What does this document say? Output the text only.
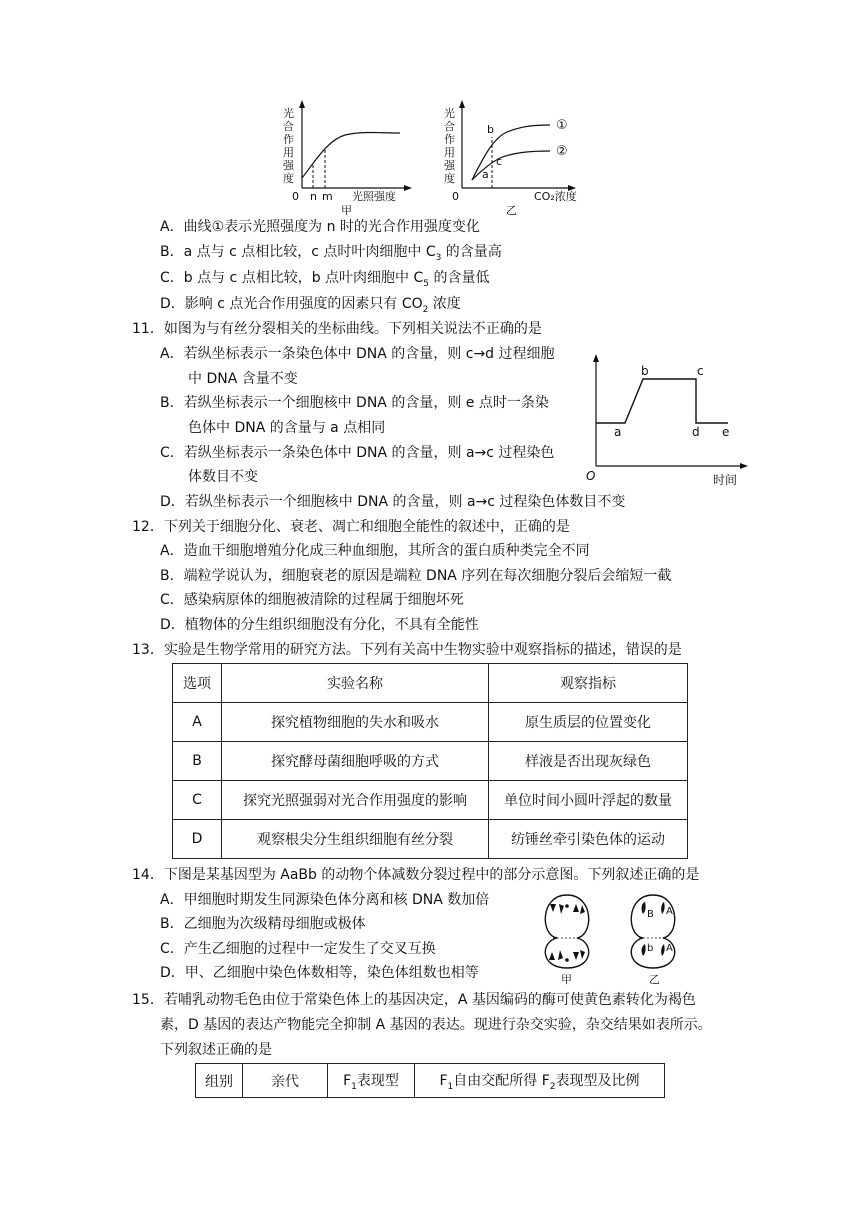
光
合
作
用
强
度
0 n m 光照强度
甲
光
合
作
用
强
度
0
b
c
a
①
②
CO₂浓度
乙
A．曲线①表示光照强度为 n 时的光合作用强度变化
B．a 点与 c 点相比较，c 点时叶肉细胞中 $C_3$ 的含量高
C．b 点与 c 点相比较，b 点叶肉细胞中 $C_5$ 的含量低
D．影响 c 点光合作用强度的因素只有 $CO_2$ 浓度
11．如图为与有丝分裂相关的坐标曲线。下列相关说法不正确的是
A．若纵坐标表示一条染色体中 DNA 的含量，则 c→d 过程细胞
中 DNA 含量不变
B．若纵坐标表示一个细胞核中 DNA 的含量，则 e 点时一条染
色体中 DNA 的含量与 a 点相同
C．若纵坐标表示一条染色体中 DNA 的含量，则 a→c 过程染色
体数目不变
D．若纵坐标表示一个细胞核中 DNA 的含量，则 a→c 过程染色体数目不变
O
a
b	c
d e
时间
12．下列关于细胞分化、衰老、凋亡和细胞全能性的叙述中，正确的是
A．造血干细胞增殖分化成三种血细胞，其所含的蛋白质种类完全不同
B．端粒学说认为，细胞衰老的原因是端粒 DNA 序列在每次细胞分裂后会缩短一截
C．感染病原体的细胞被清除的过程属于细胞坏死
D．植物体的分生组织细胞没有分化，不具有全能性
13．实验是生物学常用的研究方法。下列有关高中生物实验中观察指标的描述，错误的是
选项	实验名称	观察指标
A	探究植物细胞的失水和吸水	原生质层的位置变化
B	探究酵母菌细胞呼吸的方式	样液是否出现灰绿色
C	探究光照强弱对光合作用强度的影响	单位时间小圆叶浮起的数量
D	观察根尖分生组织细胞有丝分裂	纺锤丝牵引染色体的运动
14．下图是某基因型为 AaBb 的动物个体减数分裂过程中的部分示意图。下列叙述正确的是
A．甲细胞时期发生同源染色体分离和核 DNA 数加倍
B．乙细胞为次级精母细胞或极体
C．产生乙细胞的过程中一定发生了交叉互换
D．甲、乙细胞中染色体数相等，染色体组数也相等	甲
B A
b A
乙
15．若哺乳动物毛色由位于常染色体上的基因决定，A 基因编码的酶可使黄色素转化为褐色
素，D 基因的表达产物能完全抑制 A 基因的表达。现进行杂交实验，杂交结果如表所示。
下列叙述正确的是
组别	亲代	$F_1$表现型	$F_1$自由交配所得 $F_2$表现型及比例
